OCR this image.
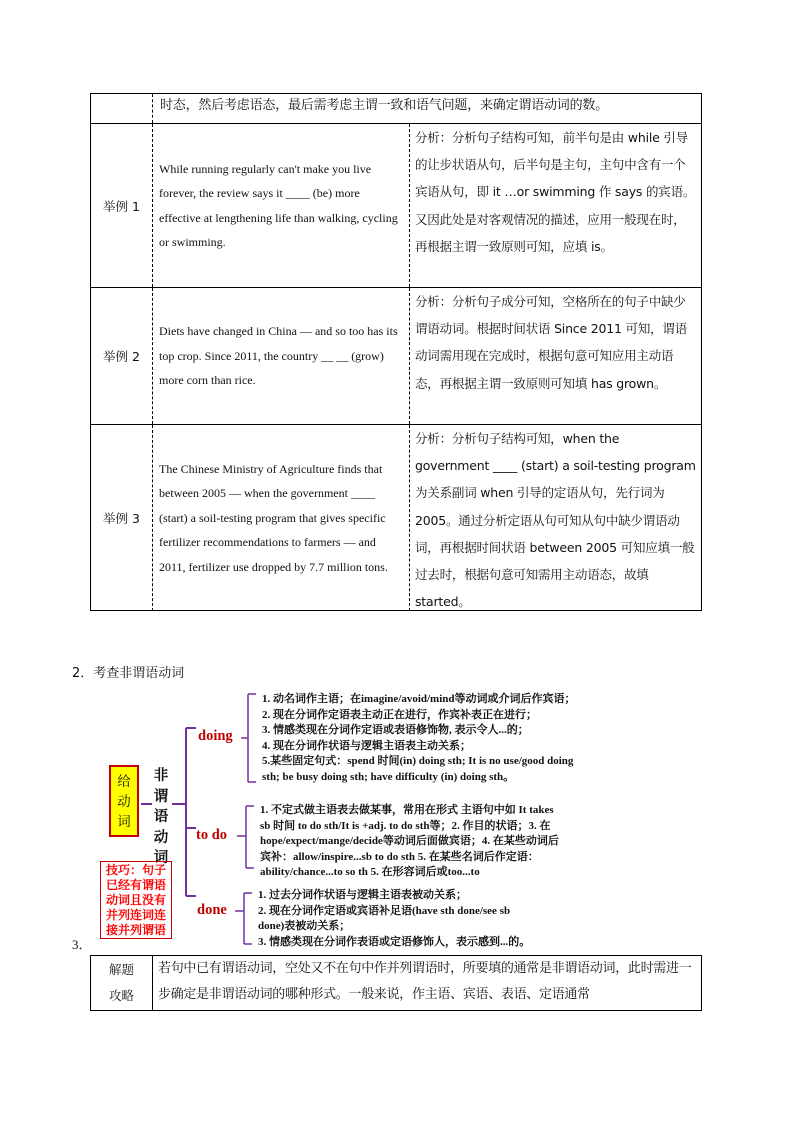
时态，然后考虑语态，最后需考虑主谓一致和语气问题，来确定谓语动词的数。
举例 1
While running regularly can't make you live forever, the review says it ____ (be) more effective at lengthening life than walking, cycling or swimming.
分析：分析句子结构可知，前半句是由 while 引导的让步状语从句，后半句是主句，主句中含有一个宾语从句，即 it …or swimming 作 says 的宾语。又因此处是对客观情况的描述，应用一般现在时，再根据主谓一致原则可知，应填 is。
举例 2
Diets have changed in China — and so too has its top crop. Since 2011, the country __ __ (grow) more corn than rice.
分析：分析句子成分可知，空格所在的句子中缺少谓语动词。根据时间状语 Since 2011 可知，谓语动词需用现在完成时，根据句意可知应用主动语态，再根据主谓一致原则可知填 has grown。
举例 3
The Chinese Ministry of Agriculture finds that between 2005 — when the government ____ (start) a soil-testing program that gives specific fertilizer recommendations to farmers — and 2011, fertilizer use dropped by 7.7 million tons.
分析：分析句子结构可知，when the government ____ (start) a soil-testing program 为关系副词 when 引导的定语从句，先行词为 2005。通过分析定语从句可知从句中缺少谓语动词，再根据时间状语 between 2005 可知应填一般过去时，根据句意可知需用主动语态，故填 started。
2．考查非谓语动词
给动词
非谓语动词
技巧：句子已经有谓语动词且没有并列连词连接并列谓语
doing
to do
done
1. 动名词作主语；在imagine/avoid/mind等动词或介词后作宾语；
2. 现在分词作定语表主动正在进行，作宾补表正在进行；
3. 情感类现在分词作定语或表语修饰物, 表示令人...的；
4. 现在分词作状语与逻辑主语表主动关系；
5.某些固定句式：spend 时间(in) doing sth; It is no use/good doing
sth; be busy doing sth; have difficulty (in) doing sth。
1. 不定式做主语表去做某事，常用在形式 主语句中如 It takes
sb 时间 to do sth/It is +adj. to do sth等；2. 作目的状语；3. 在
hope/expect/mange/decide等动词后面做宾语；4. 在某些动词后
宾补：allow/inspire...sb to do sth 5. 在某些名词后作定语：
ability/chance...to so th 5. 在形容词后或too...to
1. 过去分词作状语与逻辑主语表被动关系；
2. 现在分词作定语或宾语补足语(have sth done/see sb
done)表被动关系；
3. 情感类现在分词作表语或定语修饰人，表示感到...的。
3．
解题
攻略
若句中已有谓语动词，空处又不在句中作并列谓语时，所要填的通常是非谓语动词，此时需进一步确定是非谓语动词的哪种形式。一般来说，作主语、宾语、表语、定语通常
